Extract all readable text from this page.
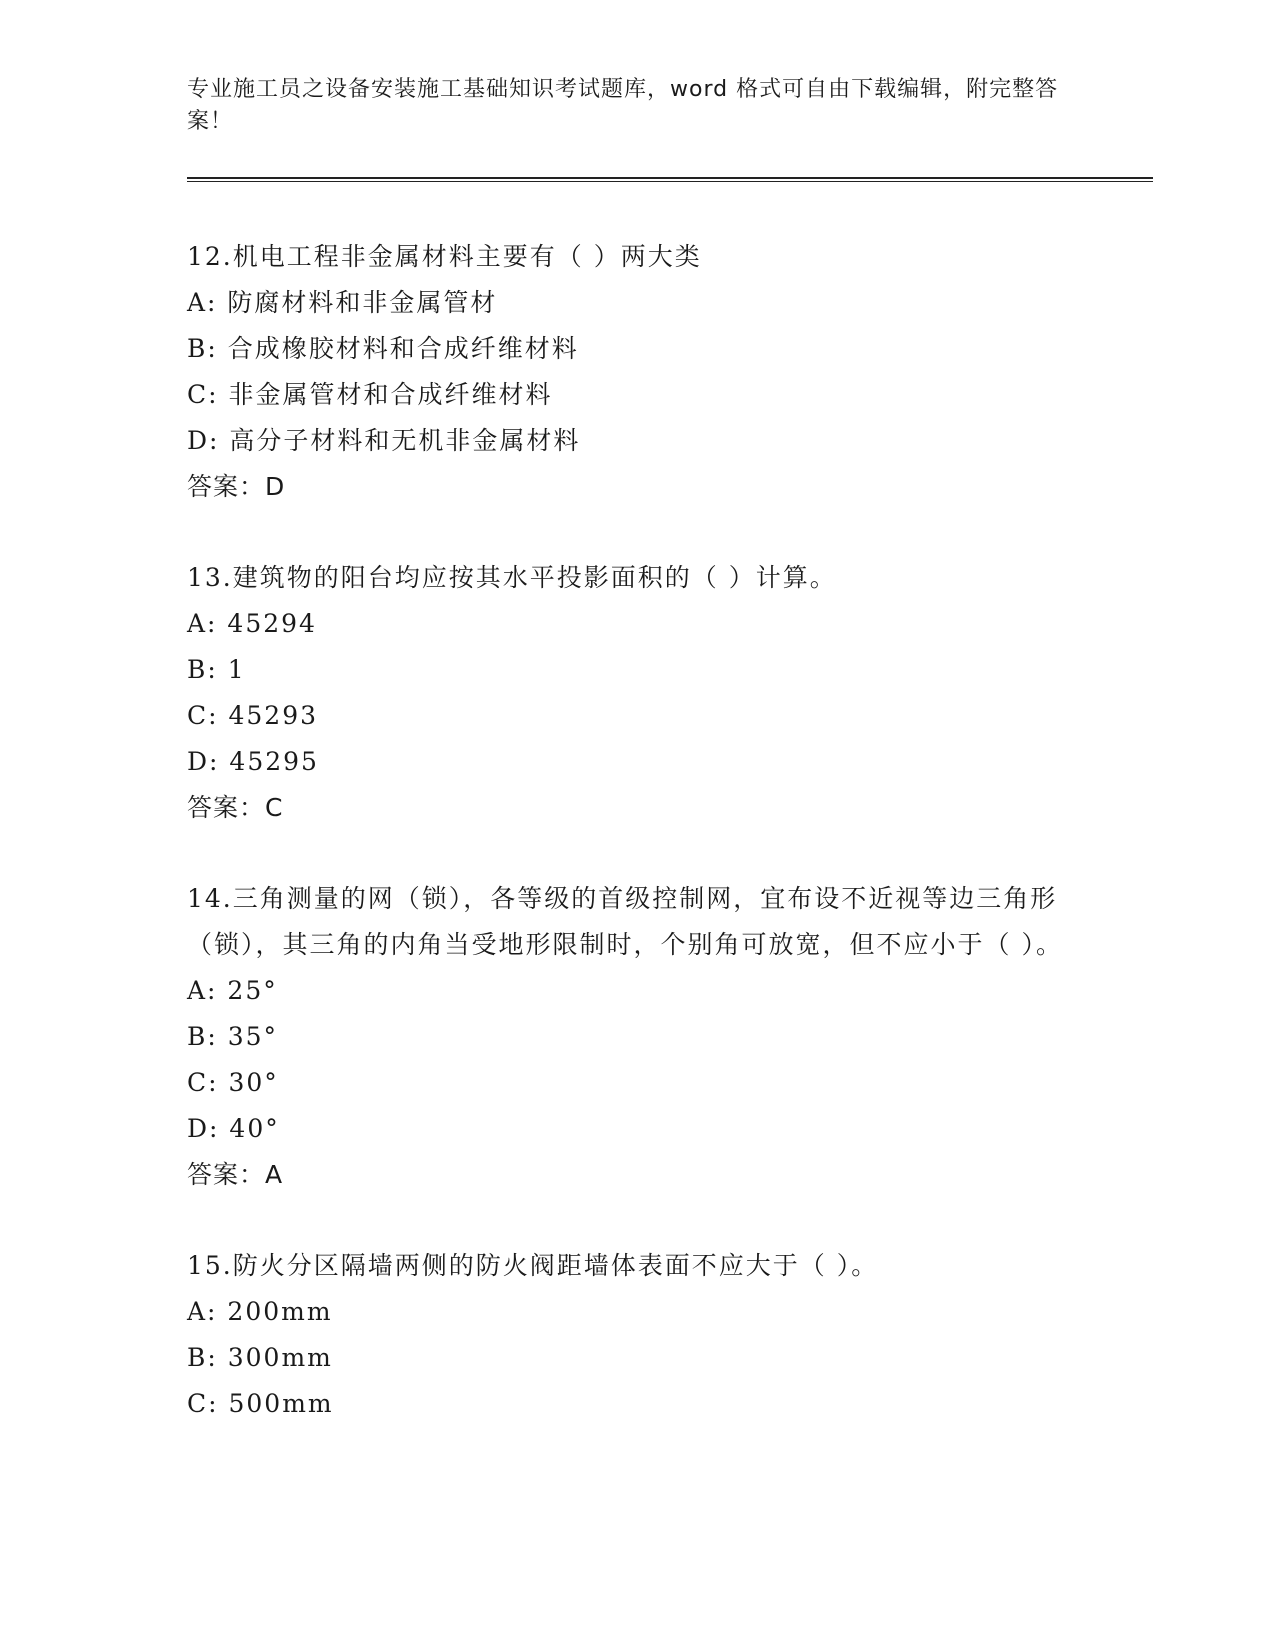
专业施工员之设备安装施工基础知识考试题库，word 格式可自由下载编辑，附完整答案！
12.机电工程非金属材料主要有（ ）两大类
A: 防腐材料和非金属管材
B: 合成橡胶材料和合成纤维材料
C: 非金属管材和合成纤维材料
D: 高分子材料和无机非金属材料
答案：D
13.建筑物的阳台均应按其水平投影面积的（ ）计算。
A: 45294
B: 1
C: 45293
D: 45295
答案：C
14.三角测量的网（锁），各等级的首级控制网，宜布设不近视等边三角形（锁），其三角的内角当受地形限制时，个别角可放宽，但不应小于（ ）。
A: 25°
B: 35°
C: 30°
D: 40°
答案：A
15.防火分区隔墙两侧的防火阀距墙体表面不应大于（ ）。
A: 200mm
B: 300mm
C: 500mm
